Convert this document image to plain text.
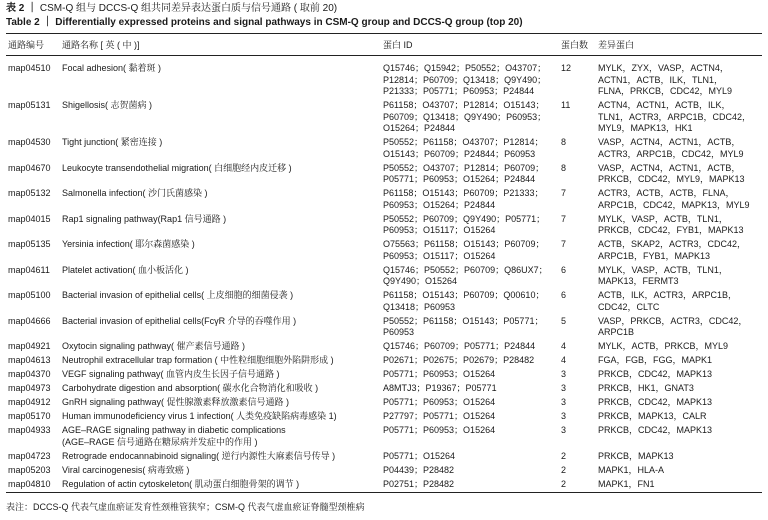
表 2 ｜ CSM-Q 组与 DCCS-Q 组共同差异表达蛋白质与信号通路 ( 取前 20)
Table 2 ｜ Differentially expressed proteins and signal pathways in CSM-Q group and DCCS-Q group (top 20)
通路编号	通路名称 [ 英 ( 中 )]	蛋白 ID	蛋白数	差异蛋白
map04510	Focal adhesion( 黏着斑 )	Q15746；Q15942；P50552；O43707；
P12814；P60709；Q13418；Q9Y490；
P21333；P05771；P60953；P24844	12	MYLK，ZYX，VASP，ACTN4，
ACTN1，ACTB，ILK，TLN1，
FLNA，PRKCB，CDC42，MYL9
map05131	Shigellosis( 志贺菌病 )	P61158；O43707；P12814；O15143；
P60709；Q13418；Q9Y490；P60953；
O15264；P24844	11	ACTN4，ACTN1，ACTB，ILK，
TLN1，ACTR3，ARPC1B，CDC42，
MYL9，MAPK13，HK1
map04530	Tight junction( 紧密连接 )	P50552；P61158；O43707；P12814；
O15143；P60709；P24844；P60953	8	VASP，ACTN4，ACTN1，ACTB，
ACTR3，ARPC1B，CDC42，MYL9
map04670	Leukocyte transendothelial migration( 白细胞经内皮迁移 )	P50552；O43707；P12814；P60709；
P05771；P60953；O15264；P24844	8	VASP，ACTN4，ACTN1，ACTB，
PRKCB，CDC42，MYL9，MAPK13
map05132	Salmonella infection( 沙门氏菌感染 )	P61158；O15143；P60709；P21333；
P60953；O15264；P24844	7	ACTR3，ACTB，ACTB，FLNA，
ARPC1B，CDC42，MAPK13，MYL9
map04015	Rap1 signaling pathway(Rap1 信号通路 )	P50552；P60709；Q9Y490；P05771；
P60953；O15117；O15264	7	MYLK，VASP，ACTB，TLN1，
PRKCB，CDC42，FYB1，MAPK13
map05135	Yersinia infection( 耶尔森菌感染 )	O75563；P61158；O15143；P60709；
P60953；O15117；O15264	7	ACTB，SKAP2，ACTR3，CDC42，
ARPC1B，FYB1，MAPK13
map04611	Platelet activation( 血小板活化 )	Q15746；P50552；P60709；Q86UX7；
Q9Y490；O15264	6	MYLK，VASP，ACTB，TLN1，
MAPK13，FERMT3
map05100	Bacterial invasion of epithelial cells( 上皮细胞的细菌侵袭 )	P61158；O15143；P60709；Q00610；
Q13418；P60953	6	ACTB，ILK，ACTR3，ARPC1B，
CDC42，CLTC
map04666	Bacterial invasion of epithelial cells(FcγR 介导的吞噬作用 )	P50552；P61158；O15143；P05771；
P60953	5	VASP，PRKCB，ACTR3，CDC42，
ARPC1B
map04921	Oxytocin signaling pathway( 催产素信号通路 )	Q15746；P60709；P05771；P24844	4	MYLK，ACTB，PRKCB，MYL9
map04613	Neutrophil extracellular trap formation ( 中性粒细胞细胞外陷阱形成 )	P02671；P02675；P02679；P28482	4	FGA，FGB，FGG，MAPK1
map04370	VEGF signaling pathway( 血管内皮生长因子信号通路 )	P05771；P60953；O15264	3	PRKCB，CDC42，MAPK13
map04973	Carbohydrate digestion and absorption( 碳水化合物消化和吸收 )	A8MTJ3；P19367；P05771	3	PRKCB，HK1，GNAT3
map04912	GnRH signaling pathway( 促性腺激素释放激素信号通路 )	P05771；P60953；O15264	3	PRKCB，CDC42，MAPK13
map05170	Human immunodeficiency virus 1 infection( 人类免疫缺陷病毒感染 1)	P27797；P05771；O15264	3	PRKCB，MAPK13，CALR
map04933	AGE–RAGE signaling pathway in diabetic complications
(AGE–RAGE 信号通路在糖尿病并发症中的作用 )	P05771；P60953；O15264	3	PRKCB，CDC42，MAPK13
map04723	Retrograde endocannabinoid signaling( 逆行内源性大麻素信号传导 )	P05771；O15264	2	PRKCB，MAPK13
map05203	Viral carcinogenesis( 病毒致癌 )	P04439；P28482	2	MAPK1，HLA-A
map04810	Regulation of actin cytoskeleton( 肌动蛋白细胞骨架的调节 )	P02751；P28482	2	MAPK1，FN1
表注：DCCS-Q 代表气虚血瘀证发育性颈椎管狭窄；CSM-Q 代表气虚血瘀证脊髓型颈椎病
